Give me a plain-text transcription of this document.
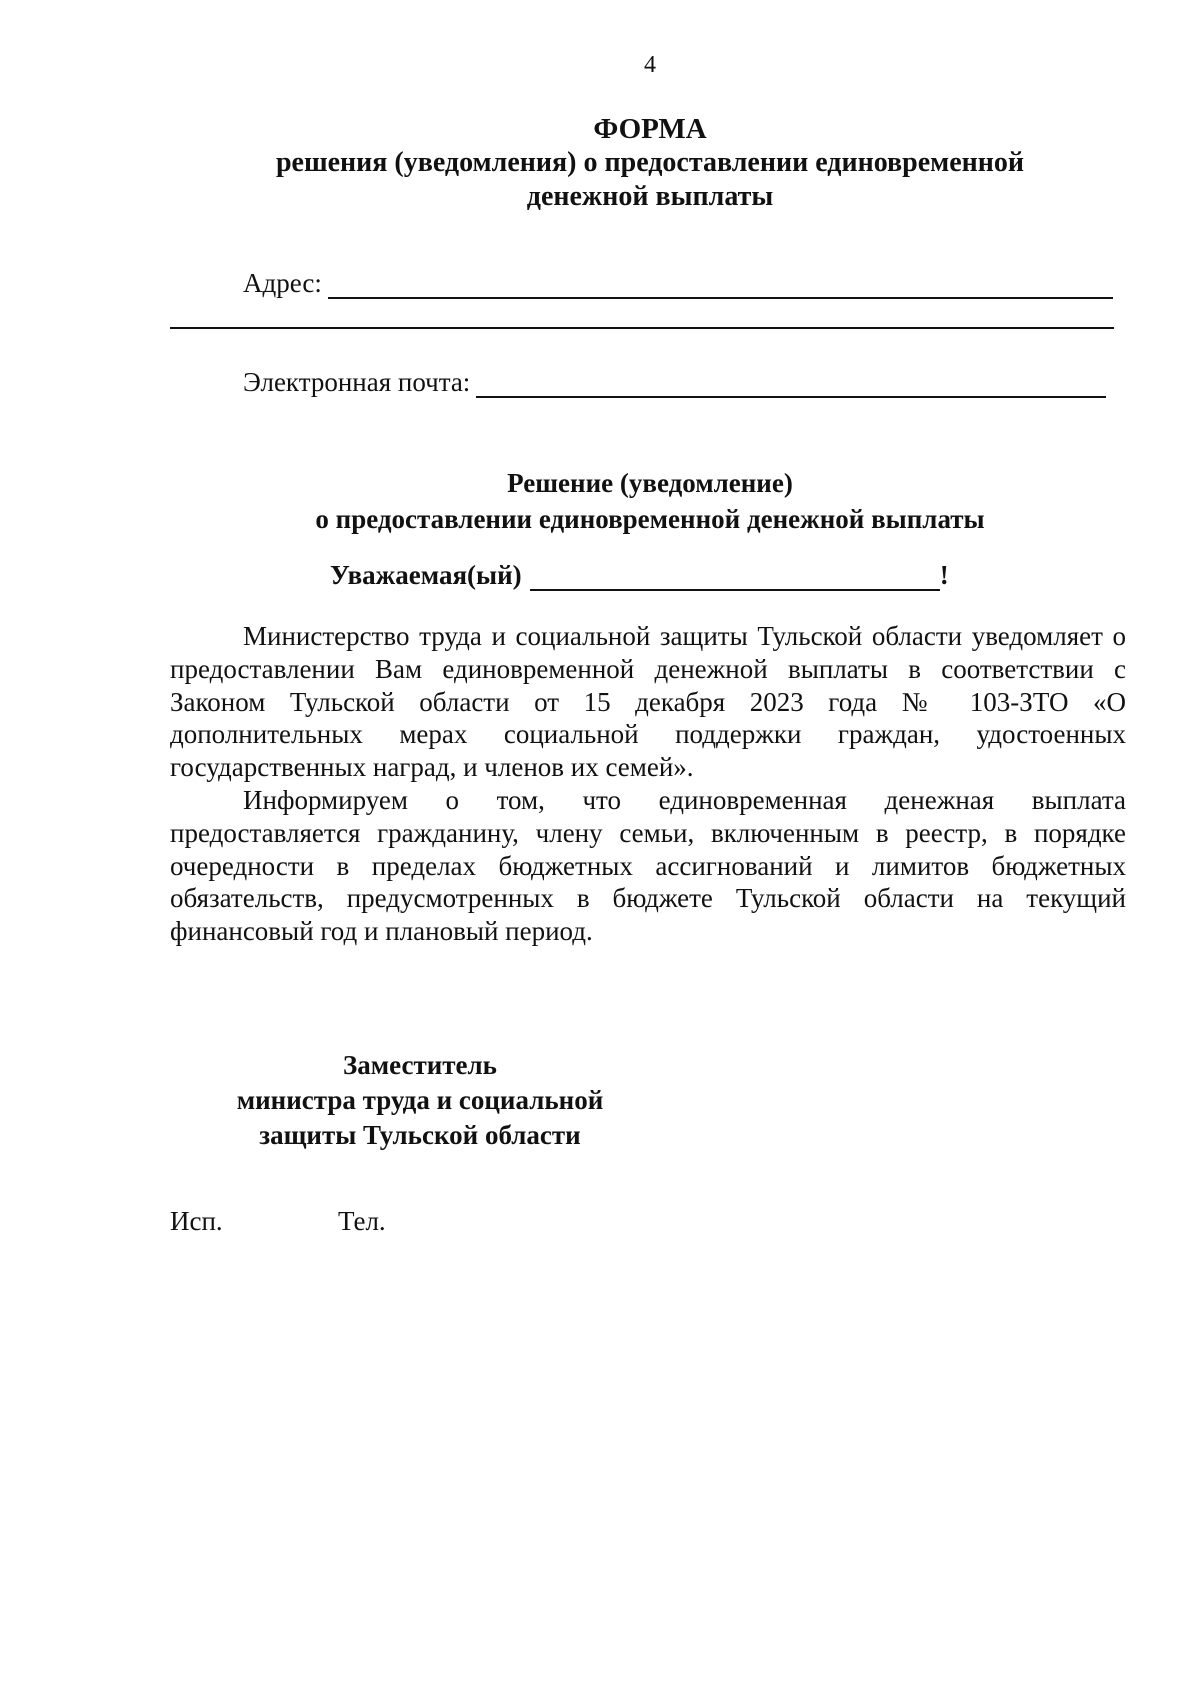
4
ФОРМА
решения (уведомления) о предоставлении единовременной
денежной выплаты
Адрес:
Электронная почта:
Решение (уведомление)
о предоставлении единовременной денежной выплаты
Уважаемая(ый)	!

Министерство труда и социальной защиты Тульской области уведомляет о предоставлении Вам единовременной денежной выплаты в соответствии с Законом Тульской области от 15 декабря 2023 года № 103-ЗТО «О дополнительных мерах социальной поддержки граждан, удостоенных государственных наград, и членов их семей».

Информируем о том, что единовременная денежная выплата предоставляется гражданину, члену семьи, включенным в реестр, в порядке очередности в пределах бюджетных ассигнований и лимитов бюджетных обязательств, предусмотренных в бюджете Тульской области на текущий финансовый год и плановый период.

Заместитель
министра труда и социальной
защиты Тульской области
Исп.	Тел.
